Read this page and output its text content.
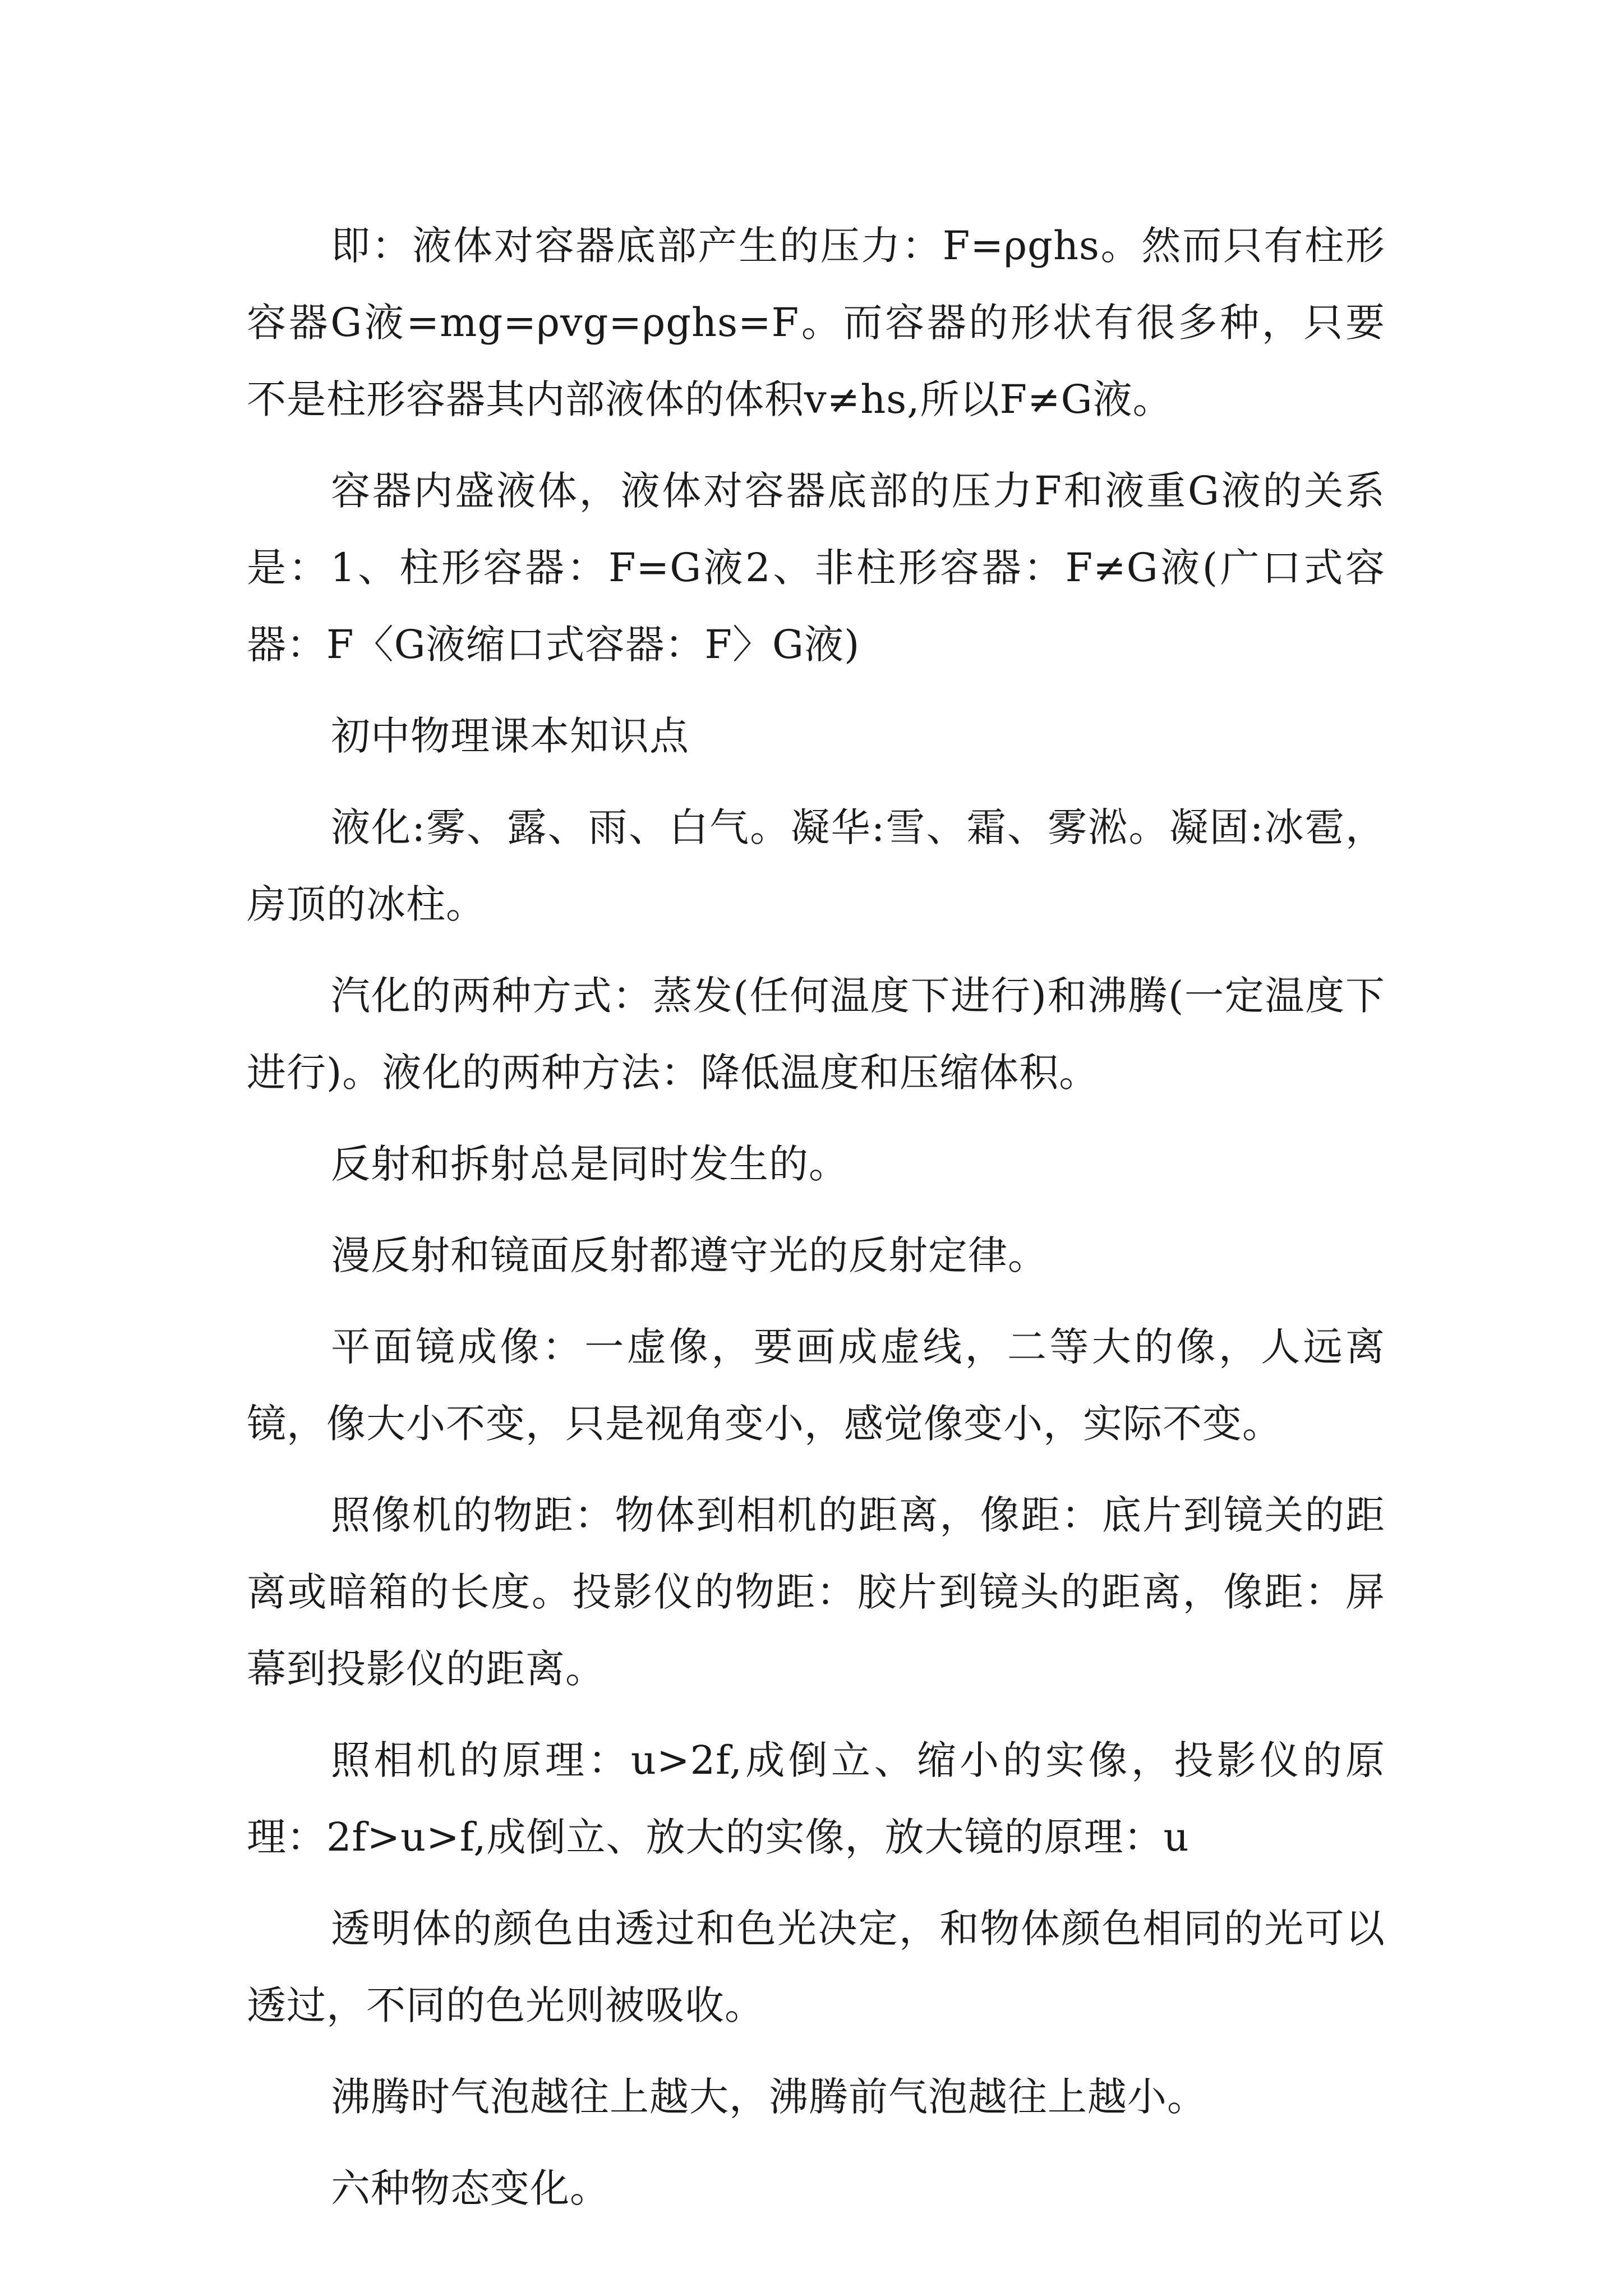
即：液体对容器底部产生的压力：F=ρghs。然而只有柱形容器G液=mg=ρvg=ρghs=F。而容器的形状有很多种，只要不是柱形容器其内部液体的体积v≠hs,所以F≠G液。

容器内盛液体，液体对容器底部的压力F和液重G液的关系是：1、柱形容器：F=G液2、非柱形容器：F≠G液(广口式容器：F〈G液缩口式容器：F〉G液)

初中物理课本知识点

液化:雾、露、雨、白气。凝华:雪、霜、雾淞。凝固:冰雹，房顶的冰柱。

汽化的两种方式：蒸发(任何温度下进行)和沸腾(一定温度下进行)。液化的两种方法：降低温度和压缩体积。

反射和拆射总是同时发生的。

漫反射和镜面反射都遵守光的反射定律。

平面镜成像：一虚像，要画成虚线，二等大的像，人远离镜，像大小不变，只是视角变小，感觉像变小，实际不变。

照像机的物距：物体到相机的距离，像距：底片到镜关的距离或暗箱的长度。投影仪的物距：胶片到镜头的距离，像距：屏幕到投影仪的距离。

照相机的原理：u>2f,成倒立、缩小的实像，投影仪的原理：2f>u>f,成倒立、放大的实像，放大镜的原理：u

透明体的颜色由透过和色光决定，和物体颜色相同的光可以透过，不同的色光则被吸收。

沸腾时气泡越往上越大，沸腾前气泡越往上越小。

六种物态变化。
